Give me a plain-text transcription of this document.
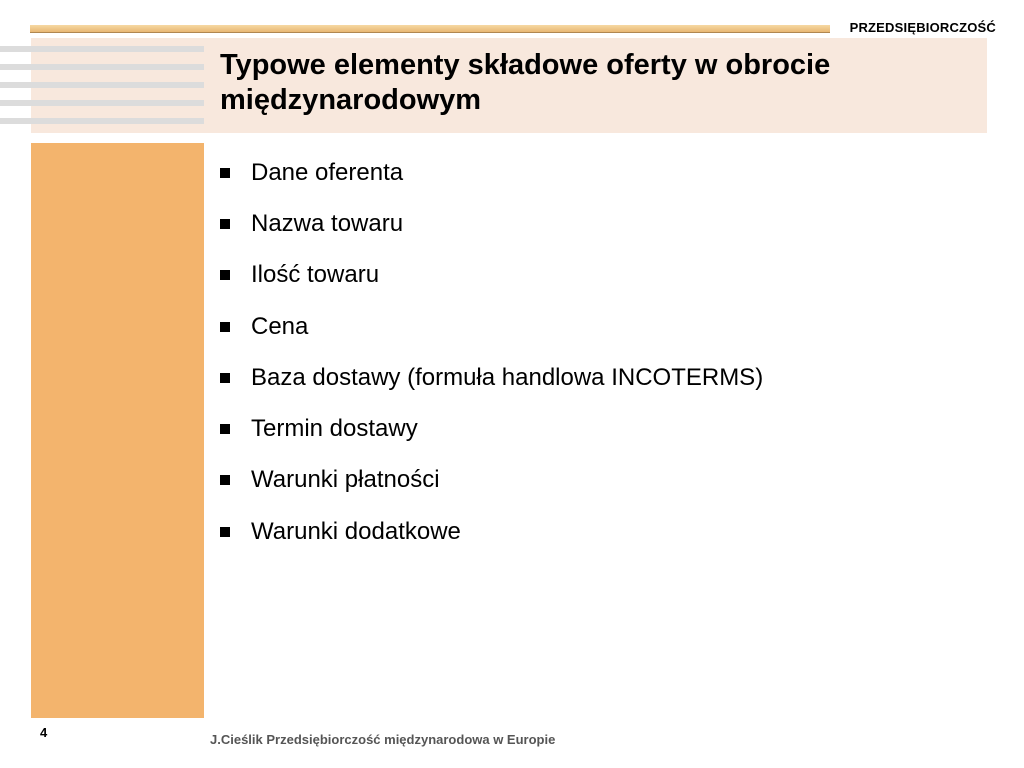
PRZEDSIĘBIORCZOŚĆ
Typowe elementy składowe oferty w obrocie międzynarodowym
Dane oferenta
Nazwa towaru
Ilość towaru
Cena
Baza dostawy (formuła handlowa INCOTERMS)
Termin dostawy
Warunki płatności
Warunki dodatkowe
4	J.Cieślik Przedsiębiorczość międzynarodowa w Europie
